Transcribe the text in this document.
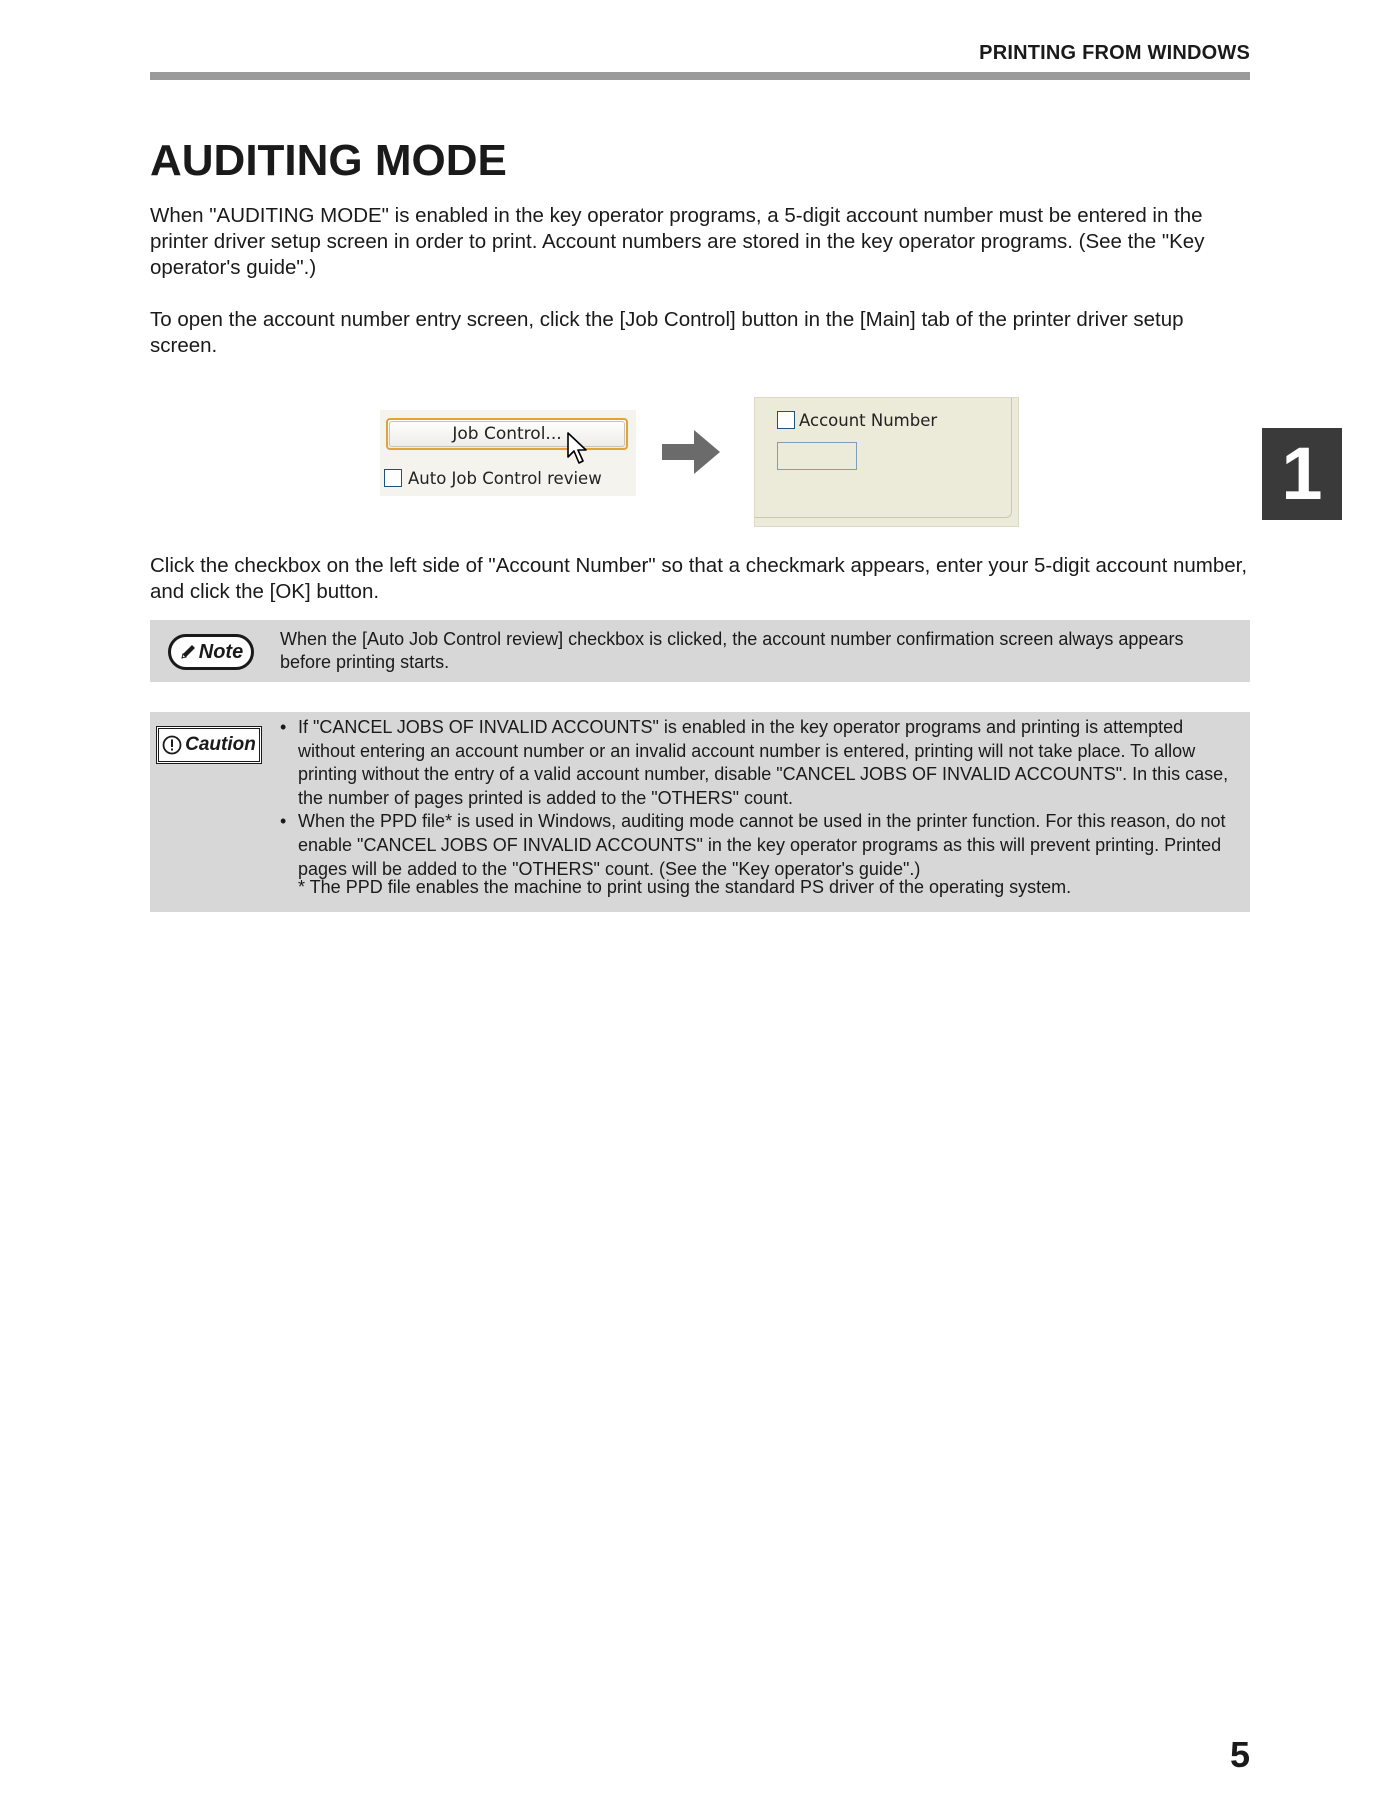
PRINTING FROM WINDOWS
AUDITING MODE

When "AUDITING MODE" is enabled in the key operator programs, a 5-digit account number must be entered in the printer driver setup screen in order to print. Account numbers are stored in the key operator programs. (See the "Key operator's guide".)

To open the account number entry screen, click the [Job Control] button in the [Main] tab of the printer driver setup screen.

Job Control...
Auto Job Control review
Account Number
1

Click the checkbox on the left side of "Account Number" so that a checkmark appears, enter your 5-digit account number, and click the [OK] button.

Note

When the [Auto Job Control review] checkbox is clicked, the account number confirmation screen always appears before printing starts.

Caution
• If "CANCEL JOBS OF INVALID ACCOUNTS" is enabled in the key operator programs and printing is attempted without entering an account number or an invalid account number is entered, printing will not take place. To allow printing without the entry of a valid account number, disable "CANCEL JOBS OF INVALID ACCOUNTS". In this case, the number of pages printed is added to the "OTHERS" count.
• When the PPD file* is used in Windows, auditing mode cannot be used in the printer function. For this reason, do not enable "CANCEL JOBS OF INVALID ACCOUNTS" in the key operator programs as this will prevent printing. Printed pages will be added to the "OTHERS" count. (See the "Key operator's guide".)

* The PPD file enables the machine to print using the standard PS driver of the operating system.

5
